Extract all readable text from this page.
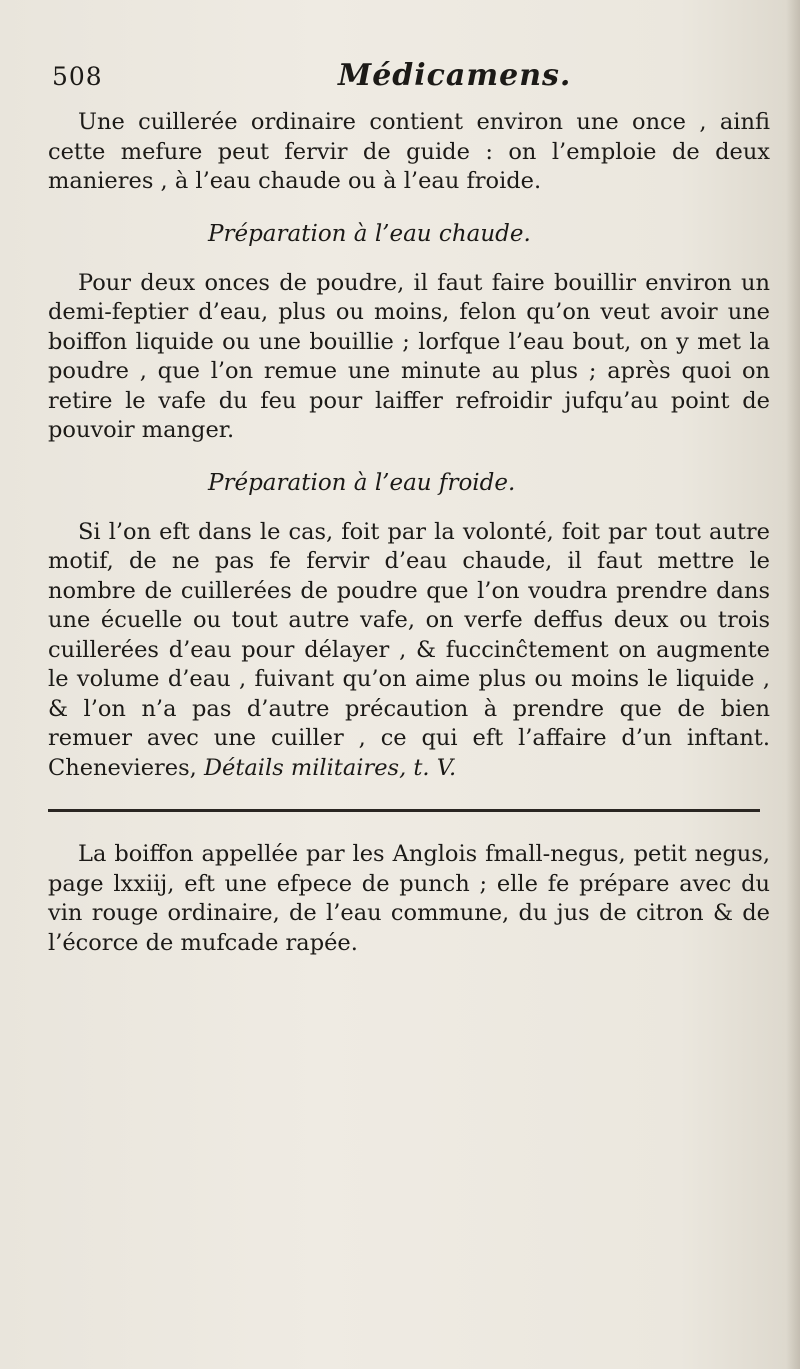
508	Médicamens.

Une cuillerée ordinaire contient environ une once , ainfi cette mefure peut fervir de guide : on l’emploie de deux manieres , à l’eau chaude ou à l’eau froide.

Préparation à l’eau chaude.

Pour deux onces de poudre, il faut faire bouillir environ un demi-feptier d’eau, plus ou moins, felon qu’on veut avoir une boiffon liquide ou une bouillie ; lorfque l’eau bout, on y met la poudre , que l’on remue une minute au plus ; après quoi on retire le vafe du feu pour laiffer refroidir jufqu’au point de pouvoir manger.

Préparation à l’eau froide.

Si l’on eft dans le cas, foit par la volonté, foit par tout autre motif, de ne pas fe fervir d’eau chaude, il faut mettre le nombre de cuillerées de poudre que l’on voudra prendre dans une écuelle ou tout autre vafe, on verfe deffus deux ou trois cuillerées d’eau pour délayer , & fuccinĉtement on augmente le volume d’eau , fuivant qu’on aime plus ou moins le liquide , & l’on n’a pas d’autre précaution à prendre que de bien remuer avec une cuiller , ce qui eft l’affaire d’un inftant. Chenevieres, Détails militaires, t. V.

La boiffon appellée par les Anglois fmall-negus, petit negus, page lxxiij, eft une efpece de punch ; elle fe prépare avec du vin rouge ordinaire, de l’eau commune, du jus de citron & de l’écorce de mufcade rapée.
